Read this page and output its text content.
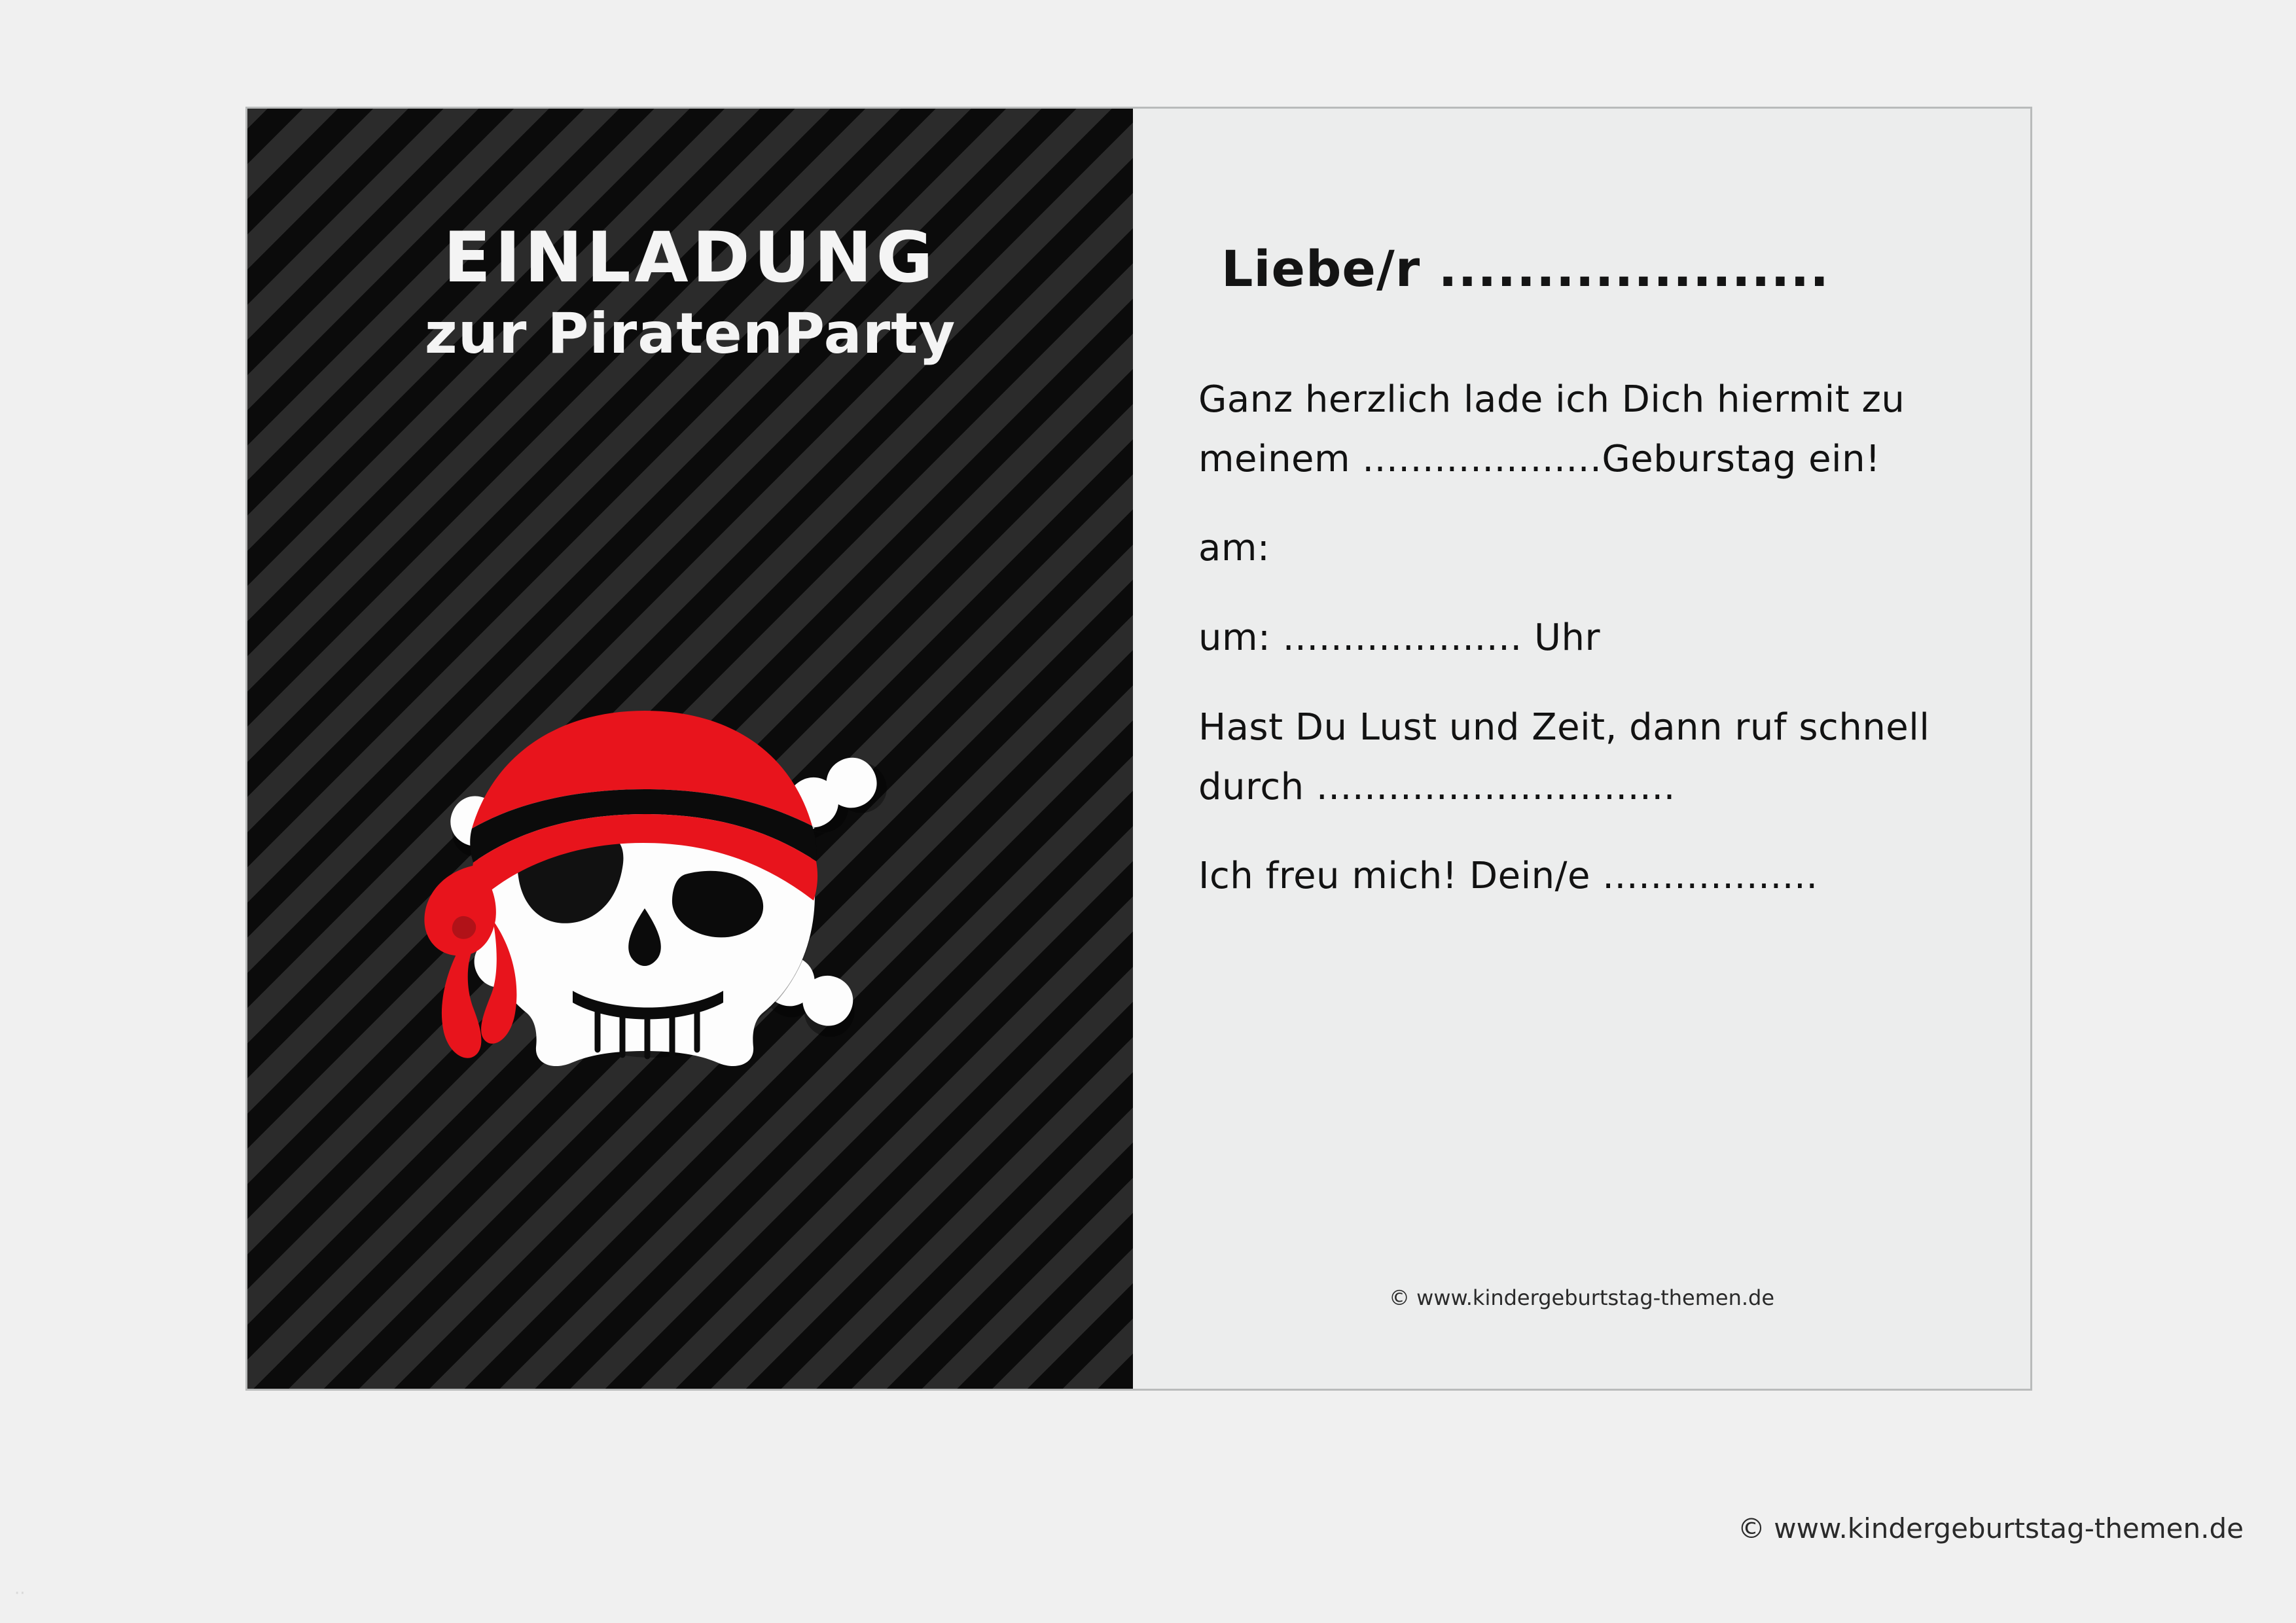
EINLADUNG
zur PiratenParty
Liebe/r ....................

Ganz herzlich lade ich Dich hiermit zu meinem ....................Geburstag ein!

am:

um: .................... Uhr

Hast Du Lust und Zeit, dann ruf schnell durch ..............................

Ich freu mich! Dein/e ..................

© www.kindergeburtstag-themen.de
© www.kindergeburtstag-themen.de
··
